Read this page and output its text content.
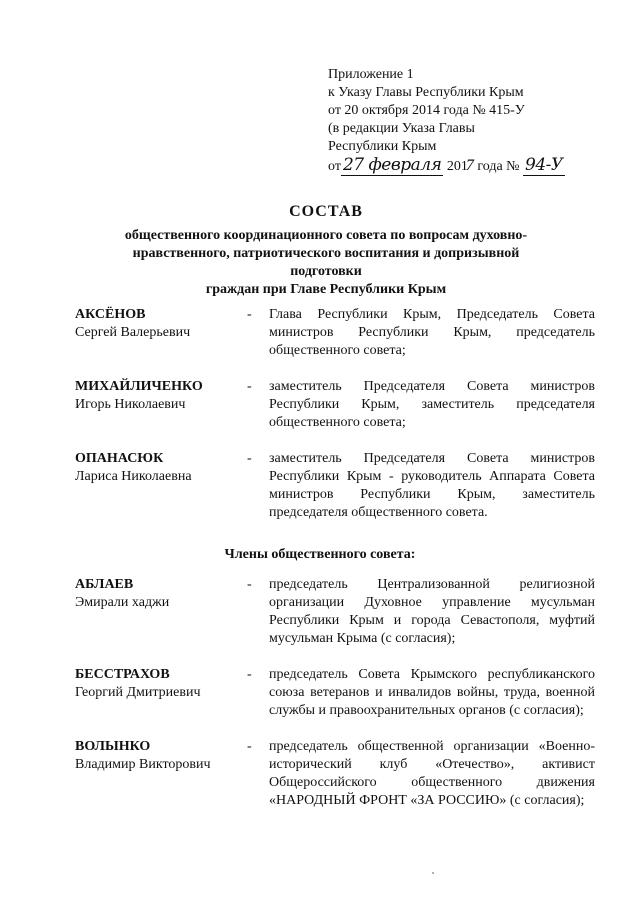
Приложение 1
к Указу Главы Республики Крым
от 20 октября 2014 года № 415-У
(в редакции Указа Главы
Республики Крым
от 27 февраля 2017 года № 94-У
СОСТАВ
общественного координационного совета по вопросам духовно-
нравственного, патриотического воспитания и допризывной подготовки
граждан при Главе Республики Крым
АКСЁНОВ
Сергей Валерьевич
- Глава Республики Крым, Председатель Совета министров Республики Крым, председатель общественного совета;
МИХАЙЛИЧЕНКО
Игорь Николаевич
- заместитель Председателя Совета министров Республики Крым, заместитель председателя общественного совета;
ОПАНАСЮК
Лариса Николаевна
- заместитель Председателя Совета министров Республики Крым - руководитель Аппарата Совета министров Республики Крым, заместитель председателя общественного совета.
Члены общественного совета:
АБЛАЕВ
Эмирали хаджи
- председатель Централизованной религиозной организации Духовное управление мусульман Республики Крым и города Севастополя, муфтий мусульман Крыма (с согласия);
БЕССТРАХОВ
Георгий Дмитриевич
- председатель Совета Крымского республиканского союза ветеранов и инвалидов войны, труда, военной службы и правоохранительных органов (с согласия);
ВОЛЫНКО
Владимир Викторович
- председатель общественной организации «Военно-исторический клуб «Отечество», активист Общероссийского общественного движения «НАРОДНЫЙ ФРОНТ «ЗА РОССИЮ» (с согласия);
